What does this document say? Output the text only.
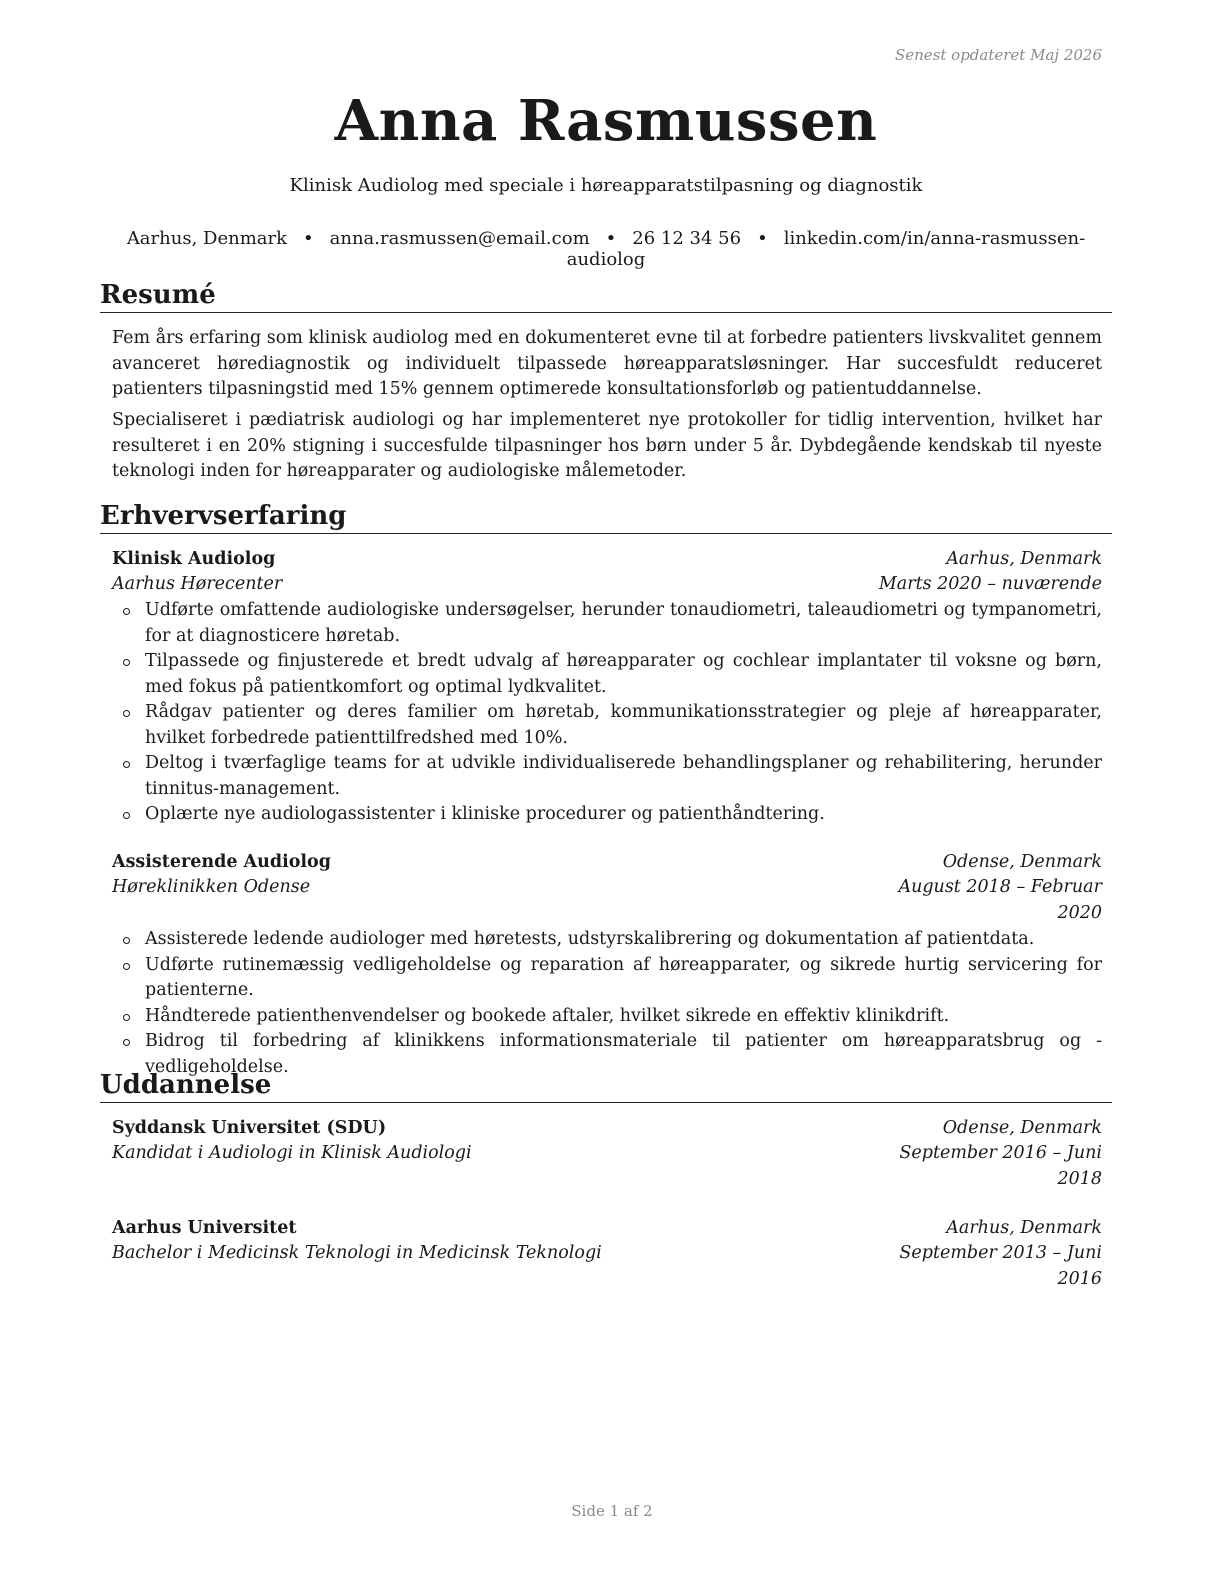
Senest opdateret Maj 2026
Anna Rasmussen
Klinisk Audiolog med speciale i høreapparatstilpasning og diagnostik
Aarhus, Denmark • anna.rasmussen@email.com • 26 12 34 56 • linkedin.com/in/anna-rasmussen-audiolog
Resumé

Fem års erfaring som klinisk audiolog med en dokumenteret evne til at forbedre patienters livskvalitet gennem avanceret hørediagnostik og individuelt tilpassede høreapparatsløsninger. Har succesfuldt reduceret patienters tilpasningstid med 15% gennem optimerede konsultationsforløb og patientuddannelse.

Specialiseret i pædiatrisk audiologi og har implementeret nye protokoller for tidlig intervention, hvilket har resulteret i en 20% stigning i succesfulde tilpasninger hos børn under 5 år. Dybdegående kendskab til nyeste teknologi inden for høreapparater og audiologiske målemetoder.

Erhvervserfaring
Klinisk Audiolog	Aarhus, Denmark
Aarhus Hørecenter	Marts 2020 – nuværende
Udførte omfattende audiologiske undersøgelser, herunder tonaudiometri, taleaudiometri og tympanometri, for at diagnosticere høretab.
Tilpassede og finjusterede et bredt udvalg af høreapparater og cochlear implantater til voksne og børn, med fokus på patientkomfort og optimal lydkvalitet.
Rådgav patienter og deres familier om høretab, kommunikationsstrategier og pleje af høreapparater, hvilket forbedrede patienttilfredshed med 10%.
Deltog i tværfaglige teams for at udvikle individualiserede behandlingsplaner og rehabilitering, herunder tinnitus-management.
Oplærte nye audiologassistenter i kliniske procedurer og patienthåndtering.
Assisterende Audiolog	Odense, Denmark
Høreklinikken Odense	August 2018 – Februar 2020
Assisterede ledende audiologer med høretests, udstyrskalibrering og dokumentation af patientdata.
Udførte rutinemæssig vedligeholdelse og reparation af høreapparater, og sikrede hurtig servicering for patienterne.
Håndterede patienthenvendelser og bookede aftaler, hvilket sikrede en effektiv klinikdrift.
Bidrog til forbedring af klinikkens informationsmateriale til patienter om høreapparatsbrug og -vedligeholdelse.
Uddannelse
Syddansk Universitet (SDU)	Odense, Denmark
Kandidat i Audiologi in Klinisk Audiologi	September 2016 – Juni 2018
Aarhus Universitet	Aarhus, Denmark
Bachelor i Medicinsk Teknologi in Medicinsk Teknologi	September 2013 – Juni 2016
Side 1 af 2
